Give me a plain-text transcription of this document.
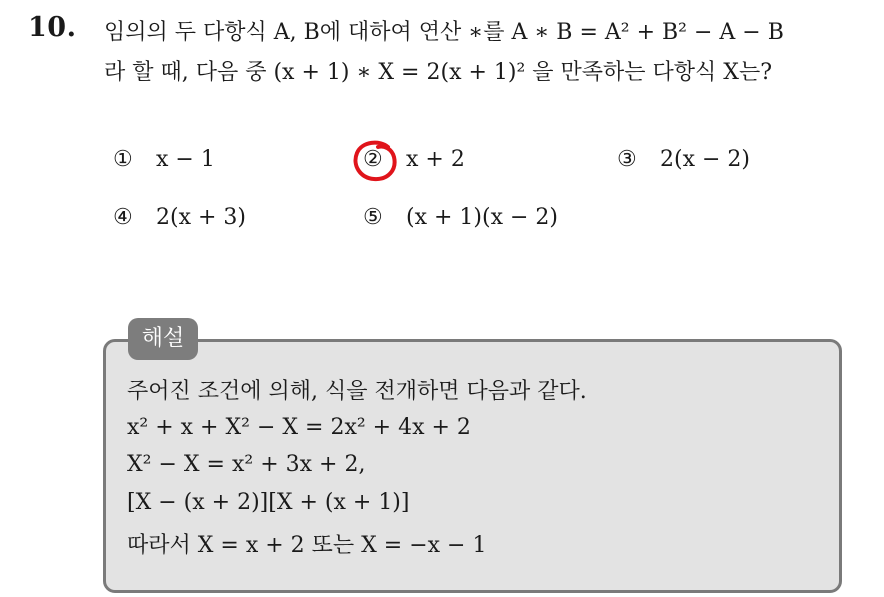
10. 임의의 두 다항식 A, B에 대하여 연산 ∗를 A ∗ B = A² + B² − A − B
라 할 때, 다음 중 (x + 1) ∗ X = 2(x + 1)² 을 만족하는 다항식 X는?
① x − 1	② x + 2	③ 2(x − 2)
④ 2(x + 3)	⑤ (x + 1)(x − 2)
해설
주어진 조건에 의해, 식을 전개하면 다음과 같다.
x² + x + X² − X = 2x² + 4x + 2
X² − X = x² + 3x + 2,
[X − (x + 2)][X + (x + 1)]
따라서 X = x + 2 또는 X = −x − 1
